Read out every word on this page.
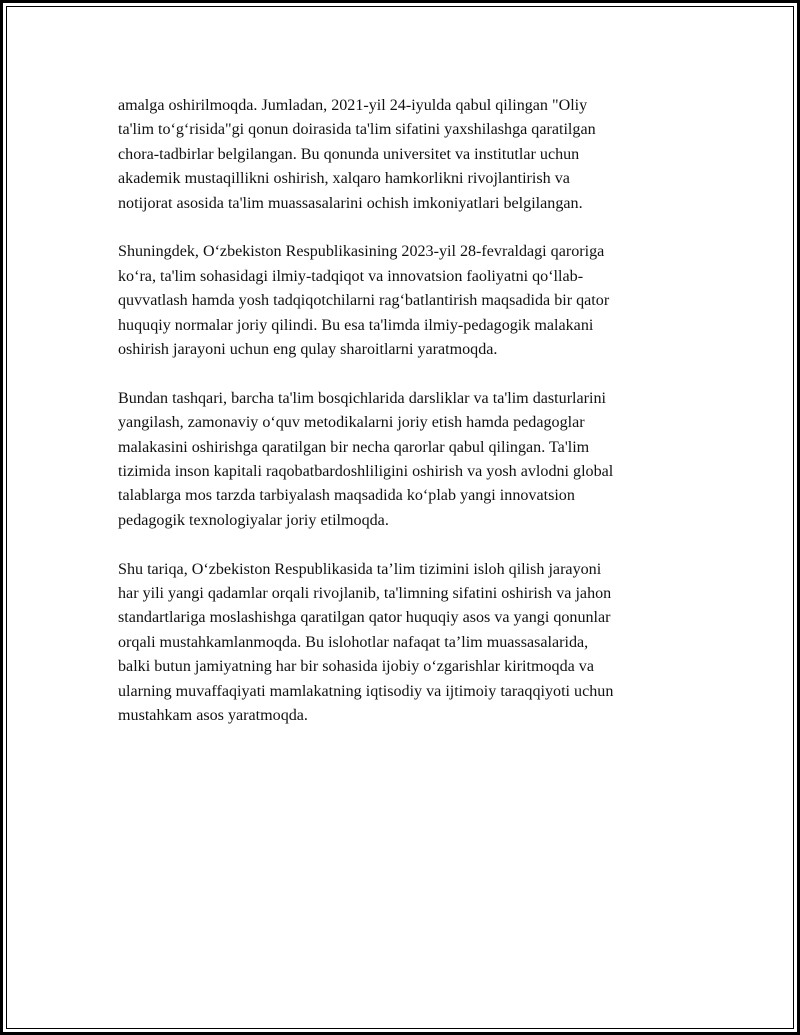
amalga oshirilmoqda. Jumladan, 2021-yil 24-iyulda qabul qilingan "Oliy
ta'lim to‘g‘risida"gi qonun doirasida ta'lim sifatini yaxshilashga qaratilgan
chora-tadbirlar belgilangan. Bu qonunda universitet va institutlar uchun
akademik mustaqillikni oshirish, xalqaro hamkorlikni rivojlantirish va
notijorat asosida ta'lim muassasalarini ochish imkoniyatlari belgilangan.

Shuningdek, O‘zbekiston Respublikasining 2023-yil 28-fevraldagi qaroriga
ko‘ra, ta'lim sohasidagi ilmiy-tadqiqot va innovatsion faoliyatni qo‘llab-
quvvatlash hamda yosh tadqiqotchilarni rag‘batlantirish maqsadida bir qator
huquqiy normalar joriy qilindi. Bu esa ta'limda ilmiy-pedagogik malakani
oshirish jarayoni uchun eng qulay sharoitlarni yaratmoqda.

Bundan tashqari, barcha ta'lim bosqichlarida darsliklar va ta'lim dasturlarini
yangilash, zamonaviy o‘quv metodikalarni joriy etish hamda pedagoglar
malakasini oshirishga qaratilgan bir necha qarorlar qabul qilingan. Ta'lim
tizimida inson kapitali raqobatbardoshliligini oshirish va yosh avlodni global
talablarga mos tarzda tarbiyalash maqsadida ko‘plab yangi innovatsion
pedagogik texnologiyalar joriy etilmoqda.

Shu tariqa, O‘zbekiston Respublikasida ta’lim tizimini isloh qilish jarayoni
har yili yangi qadamlar orqali rivojlanib, ta'limning sifatini oshirish va jahon
standartlariga moslashishga qaratilgan qator huquqiy asos va yangi qonunlar
orqali mustahkamlanmoqda. Bu islohotlar nafaqat ta’lim muassasalarida,
balki butun jamiyatning har bir sohasida ijobiy o‘zgarishlar kiritmoqda va
ularning muvaffaqiyati mamlakatning iqtisodiy va ijtimoiy taraqqiyoti uchun
mustahkam asos yaratmoqda.
